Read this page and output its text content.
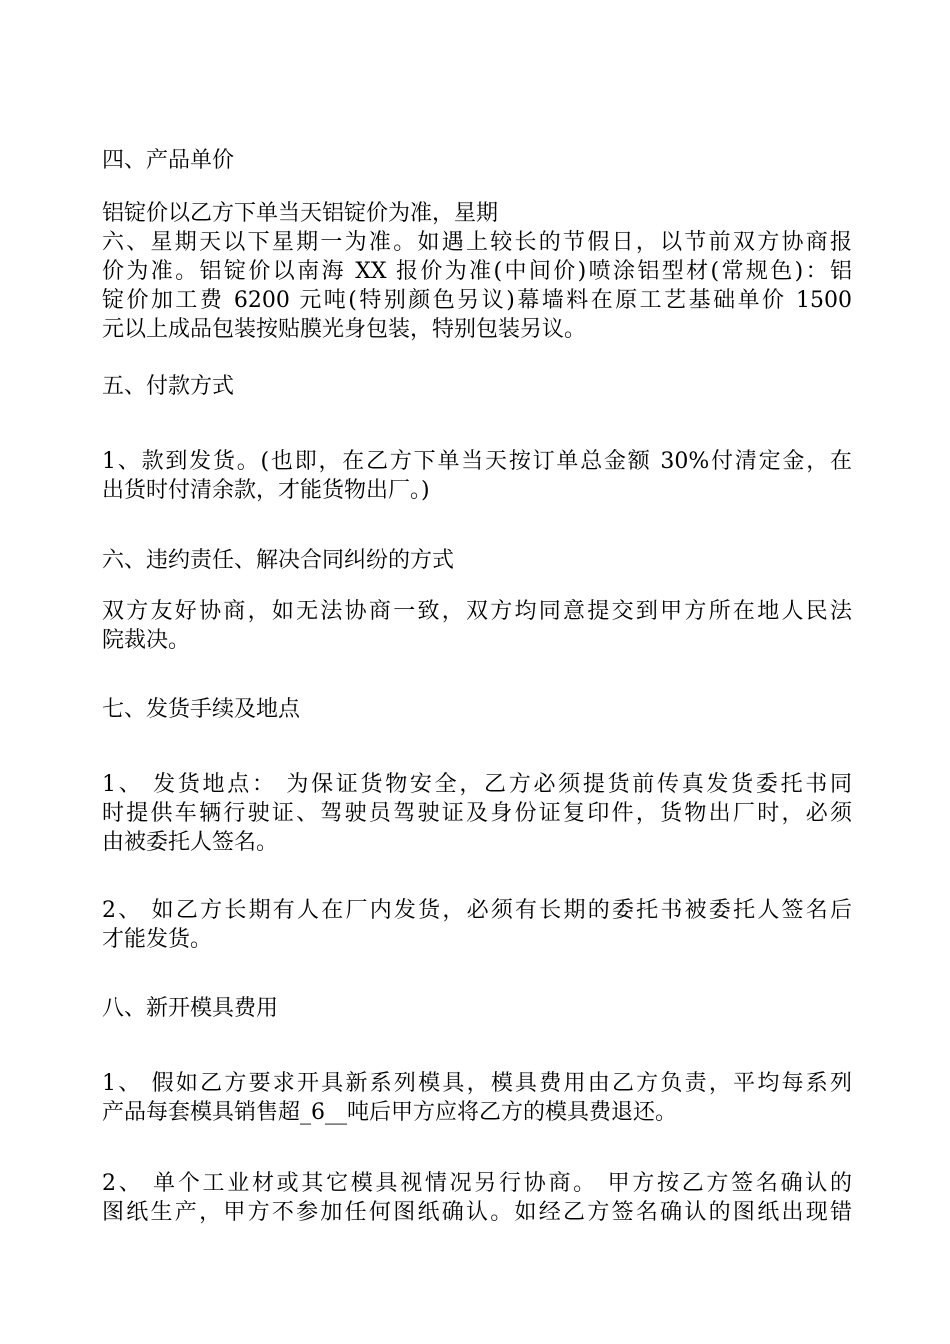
四、产品单价
铝锭价以乙方下单当天铝锭价为准，星期
六、星期天以下星期一为准。如遇上较长的节假日，以节前双方协商报
价为准。铝锭价以南海 XX 报价为准(中间价)喷涂铝型材(常规色)：铝
锭价加工费 6200 元吨(特别颜色另议)幕墙料在原工艺基础单价 1500
元以上成品包装按贴膜光身包装，特别包装另议。
五、付款方式
1、款到发货。(也即，在乙方下单当天按订单总金额 30%付清定金，在
出货时付清余款，才能货物出厂。)
六、违约责任、解决合同纠纷的方式
双方友好协商，如无法协商一致，双方均同意提交到甲方所在地人民法
院裁决。
七、发货手续及地点
1、 发货地点： 为保证货物安全，乙方必须提货前传真发货委托书同
时提供车辆行驶证、驾驶员驾驶证及身份证复印件，货物出厂时，必须
由被委托人签名。
2、 如乙方长期有人在厂内发货，必须有长期的委托书被委托人签名后
才能发货。
八、新开模具费用
1、 假如乙方要求开具新系列模具，模具费用由乙方负责，平均每系列
产品每套模具销售超_6__吨后甲方应将乙方的模具费退还。
2、 单个工业材或其它模具视情况另行协商。 甲方按乙方签名确认的
图纸生产，甲方不参加任何图纸确认。如经乙方签名确认的图纸出现错
